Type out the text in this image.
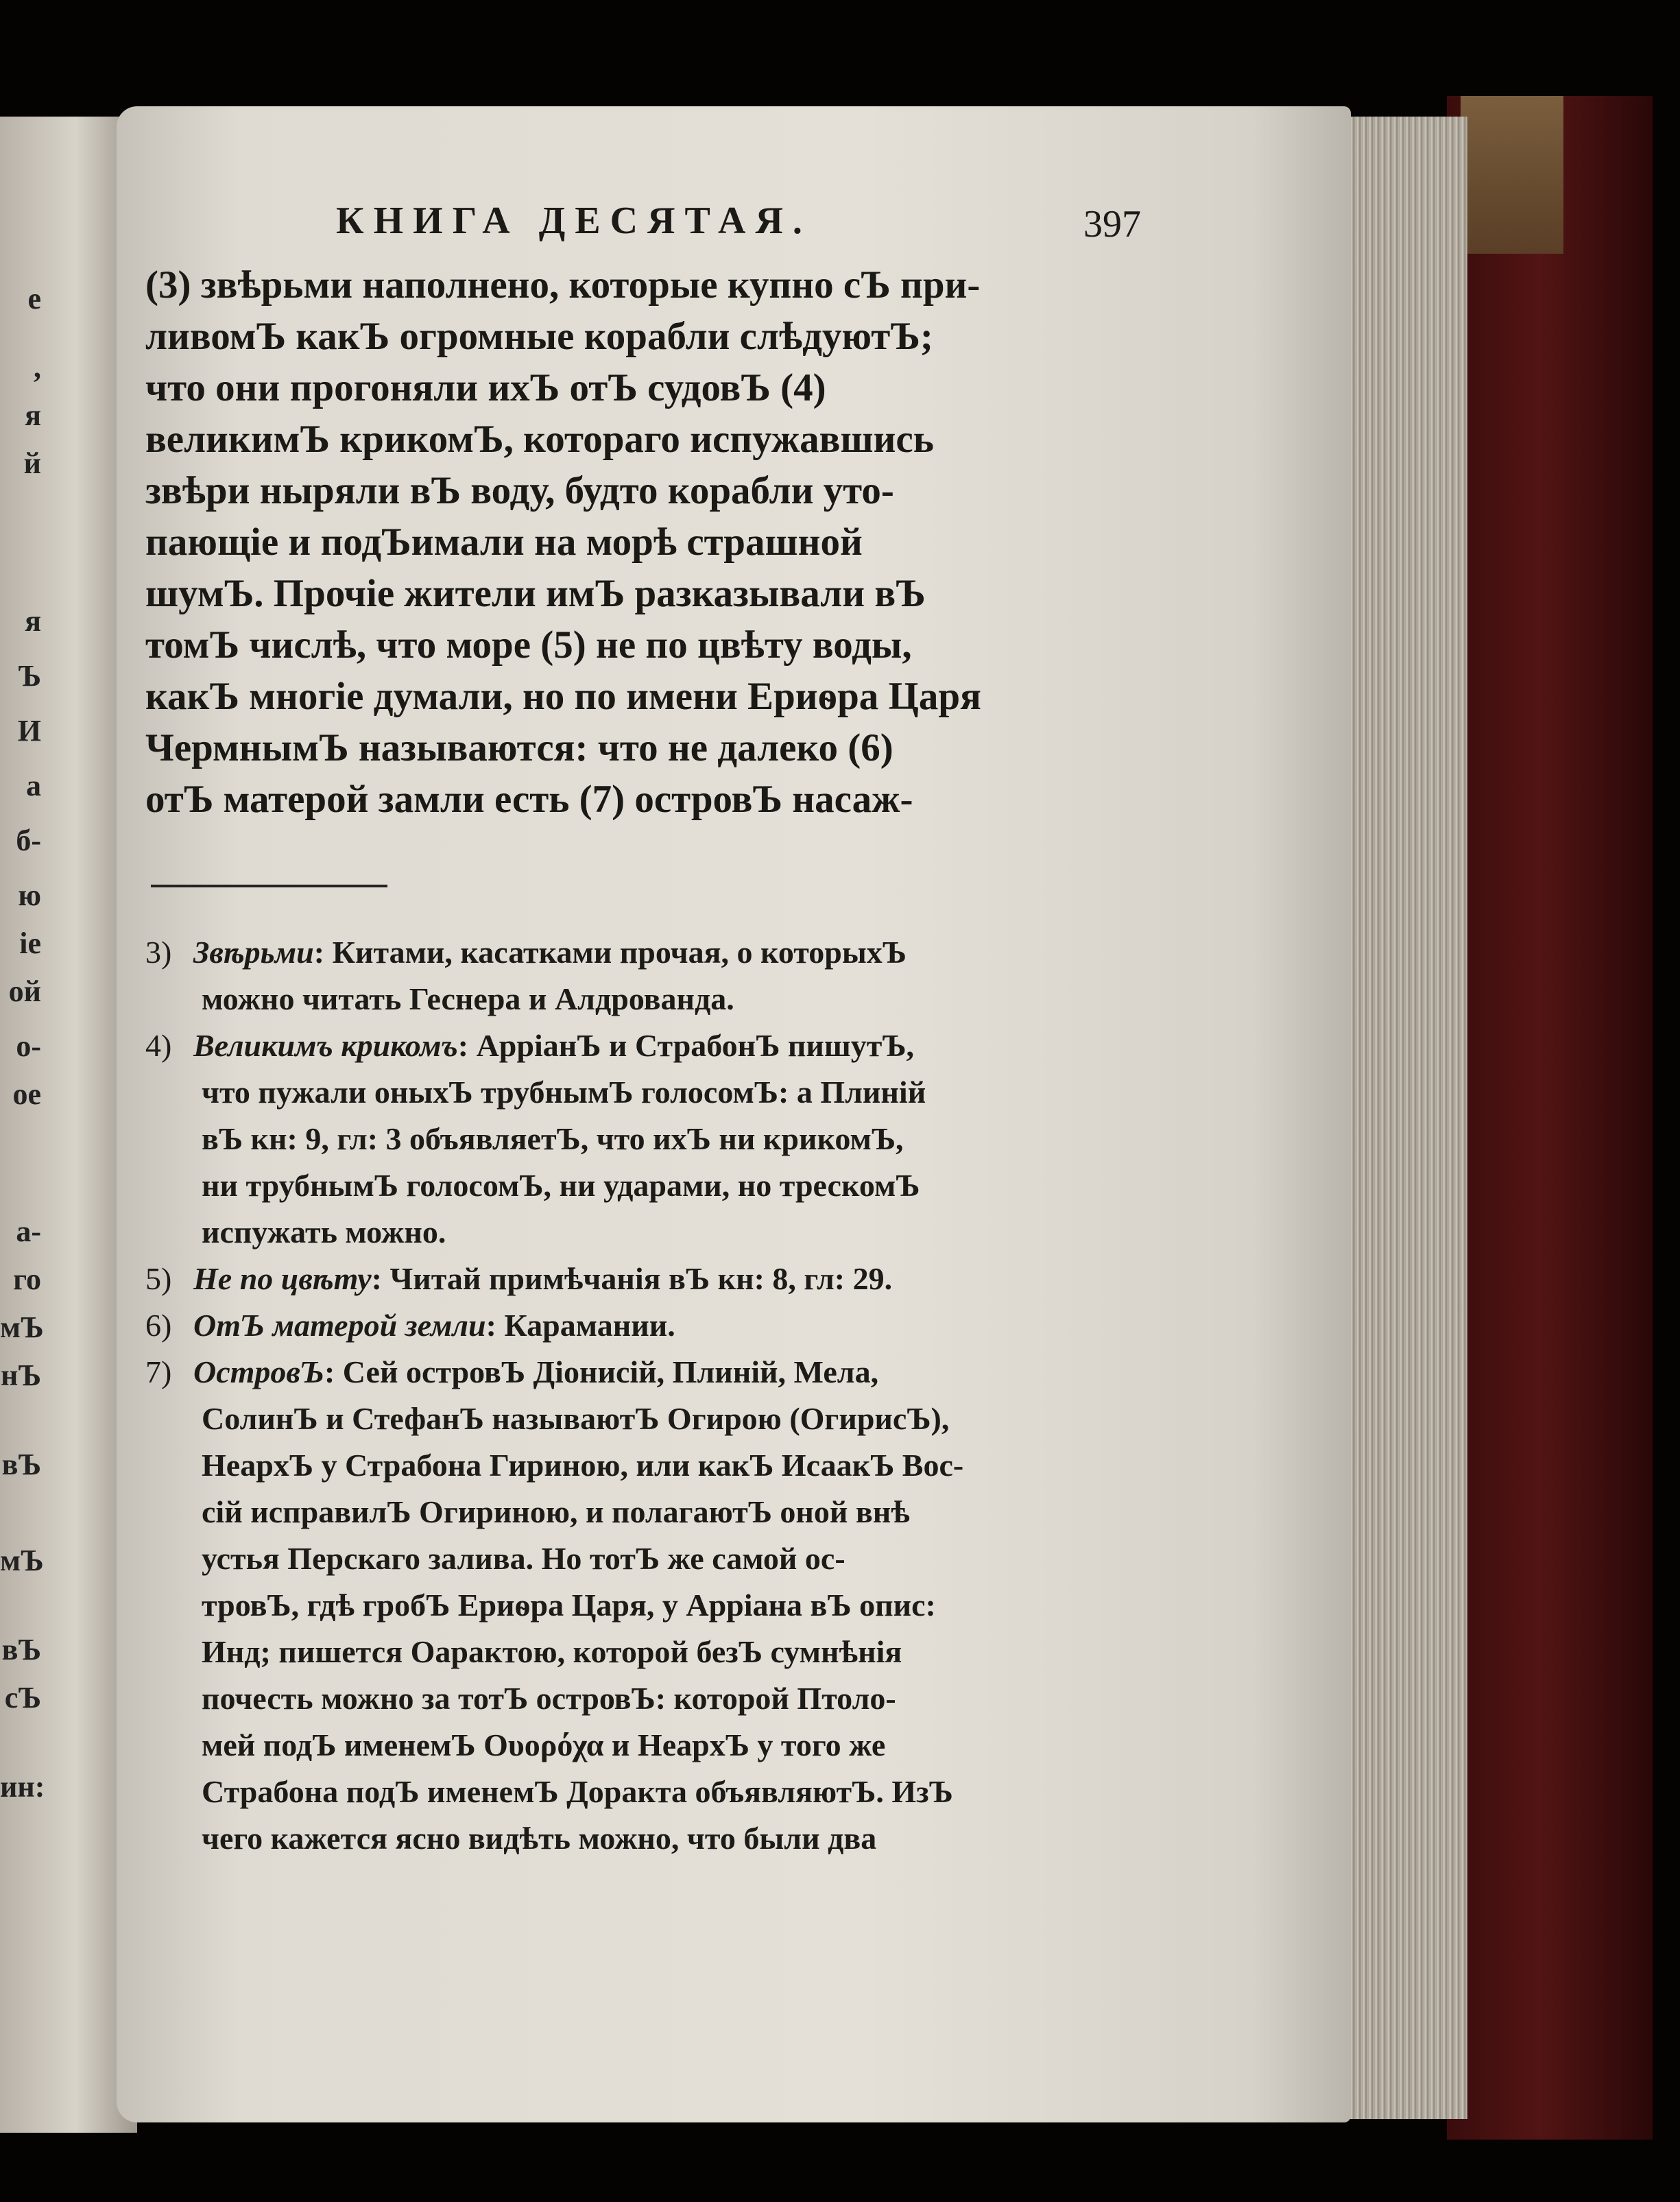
е
,
я
й
я
Ъ
И
а
б-
ю
іе
ой
о-
ое
а-
го
мЪ
нЪ
вЪ
мЪ
вЪ
сЪ
ин:
КНИГА ДЕСЯТАЯ.	397
(3) звѣрьми наполнено, которые купно сЪ при-
ливомЪ какЪ огромные корабли слѣдуютЪ;
что они прогоняли ихЪ отЪ судовЪ (4)
великимЪ крикомЪ, котораго испужавшись
звѣри ныряли вЪ воду, будто корабли уто-
пающіе и подЪимали на морѣ страшной
шумЪ. Прочіе жители имЪ разказывали вЪ
томЪ числѣ, что море (5) не по цвѣту воды,
какЪ многіе думали, но по имени Ериѳра Царя
ЧермнымЪ называются: что не далеко (6)
отЪ матерой замли есть (7) островЪ насаж-
3) Звѣрьми: Китами, касатками прочая, о которыхЪ
можно читать Геснера и Алдрованда.
4) Великимъ крикомъ: АрріанЪ и СтрабонЪ пишутЪ,
что пужали оныхЪ трубнымЪ голосомЪ: а Плиній
вЪ кн: 9, гл: 3 объявляетЪ, что ихЪ ни крикомЪ,
ни трубнымЪ голосомЪ, ни ударами, но трескомЪ
испужать можно.
5) Не по цвѣту: Читай примѣчанія вЪ кн: 8, гл: 29.
6) ОтЪ матерой земли: Карамании.
7) ОстровЪ: Сей островЪ Діонисій, Плиній, Мела,
СолинЪ и СтефанЪ называютЪ Огирою (ОгирисЪ),
НеархЪ у Страбона Гириною, или какЪ ИсаакЪ Вос-
сій исправилЪ Огириною, и полагаютЪ оной внѣ
устья Перскаго залива. Но тотЪ же самой ос-
тровЪ, гдѣ гробЪ Ериѳра Царя, у Арріана вЪ опис:
Инд; пишется Оарактою, которой безЪ сумнѣнія
почесть можно за тотЪ островЪ: которой Птоло-
мей подЪ именемЪ Ουορόχα и НеархЪ у того же
Страбона подЪ именемЪ Доракта объявляютЪ. ИзЪ
чего кажется ясно видѣть можно, что были два
